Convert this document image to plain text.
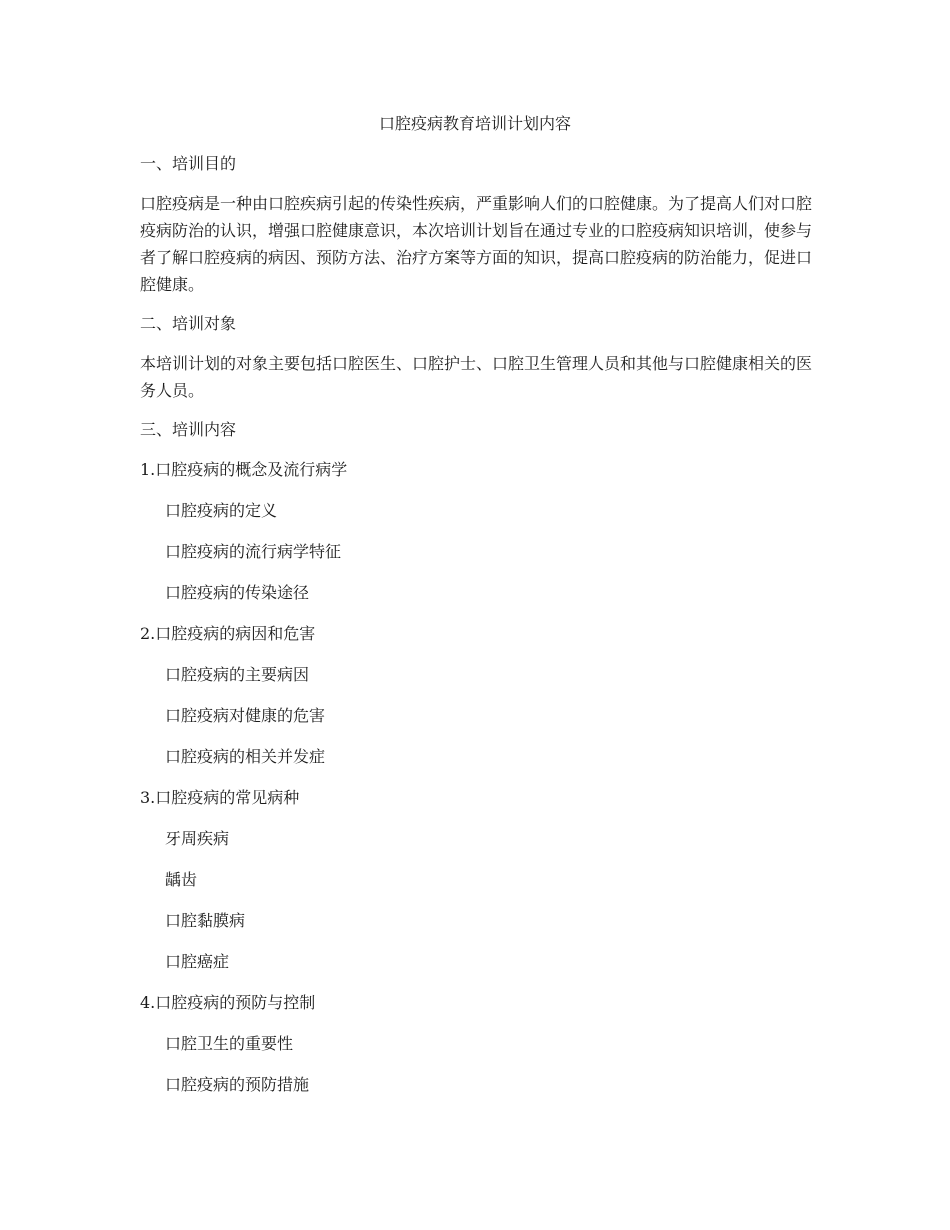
口腔疫病教育培训计划内容
一、培训目的
口腔疫病是一种由口腔疾病引起的传染性疾病，严重影响人们的口腔健康。为了提高人们对口腔疫病防治的认识，增强口腔健康意识，本次培训计划旨在通过专业的口腔疫病知识培训，使参与者了解口腔疫病的病因、预防方法、治疗方案等方面的知识，提高口腔疫病的防治能力，促进口腔健康。
二、培训对象
本培训计划的对象主要包括口腔医生、口腔护士、口腔卫生管理人员和其他与口腔健康相关的医务人员。
三、培训内容
1.口腔疫病的概念及流行病学
口腔疫病的定义
口腔疫病的流行病学特征
口腔疫病的传染途径
2.口腔疫病的病因和危害
口腔疫病的主要病因
口腔疫病对健康的危害
口腔疫病的相关并发症
3.口腔疫病的常见病种
牙周疾病
龋齿
口腔黏膜病
口腔癌症
4.口腔疫病的预防与控制
口腔卫生的重要性
口腔疫病的预防措施
